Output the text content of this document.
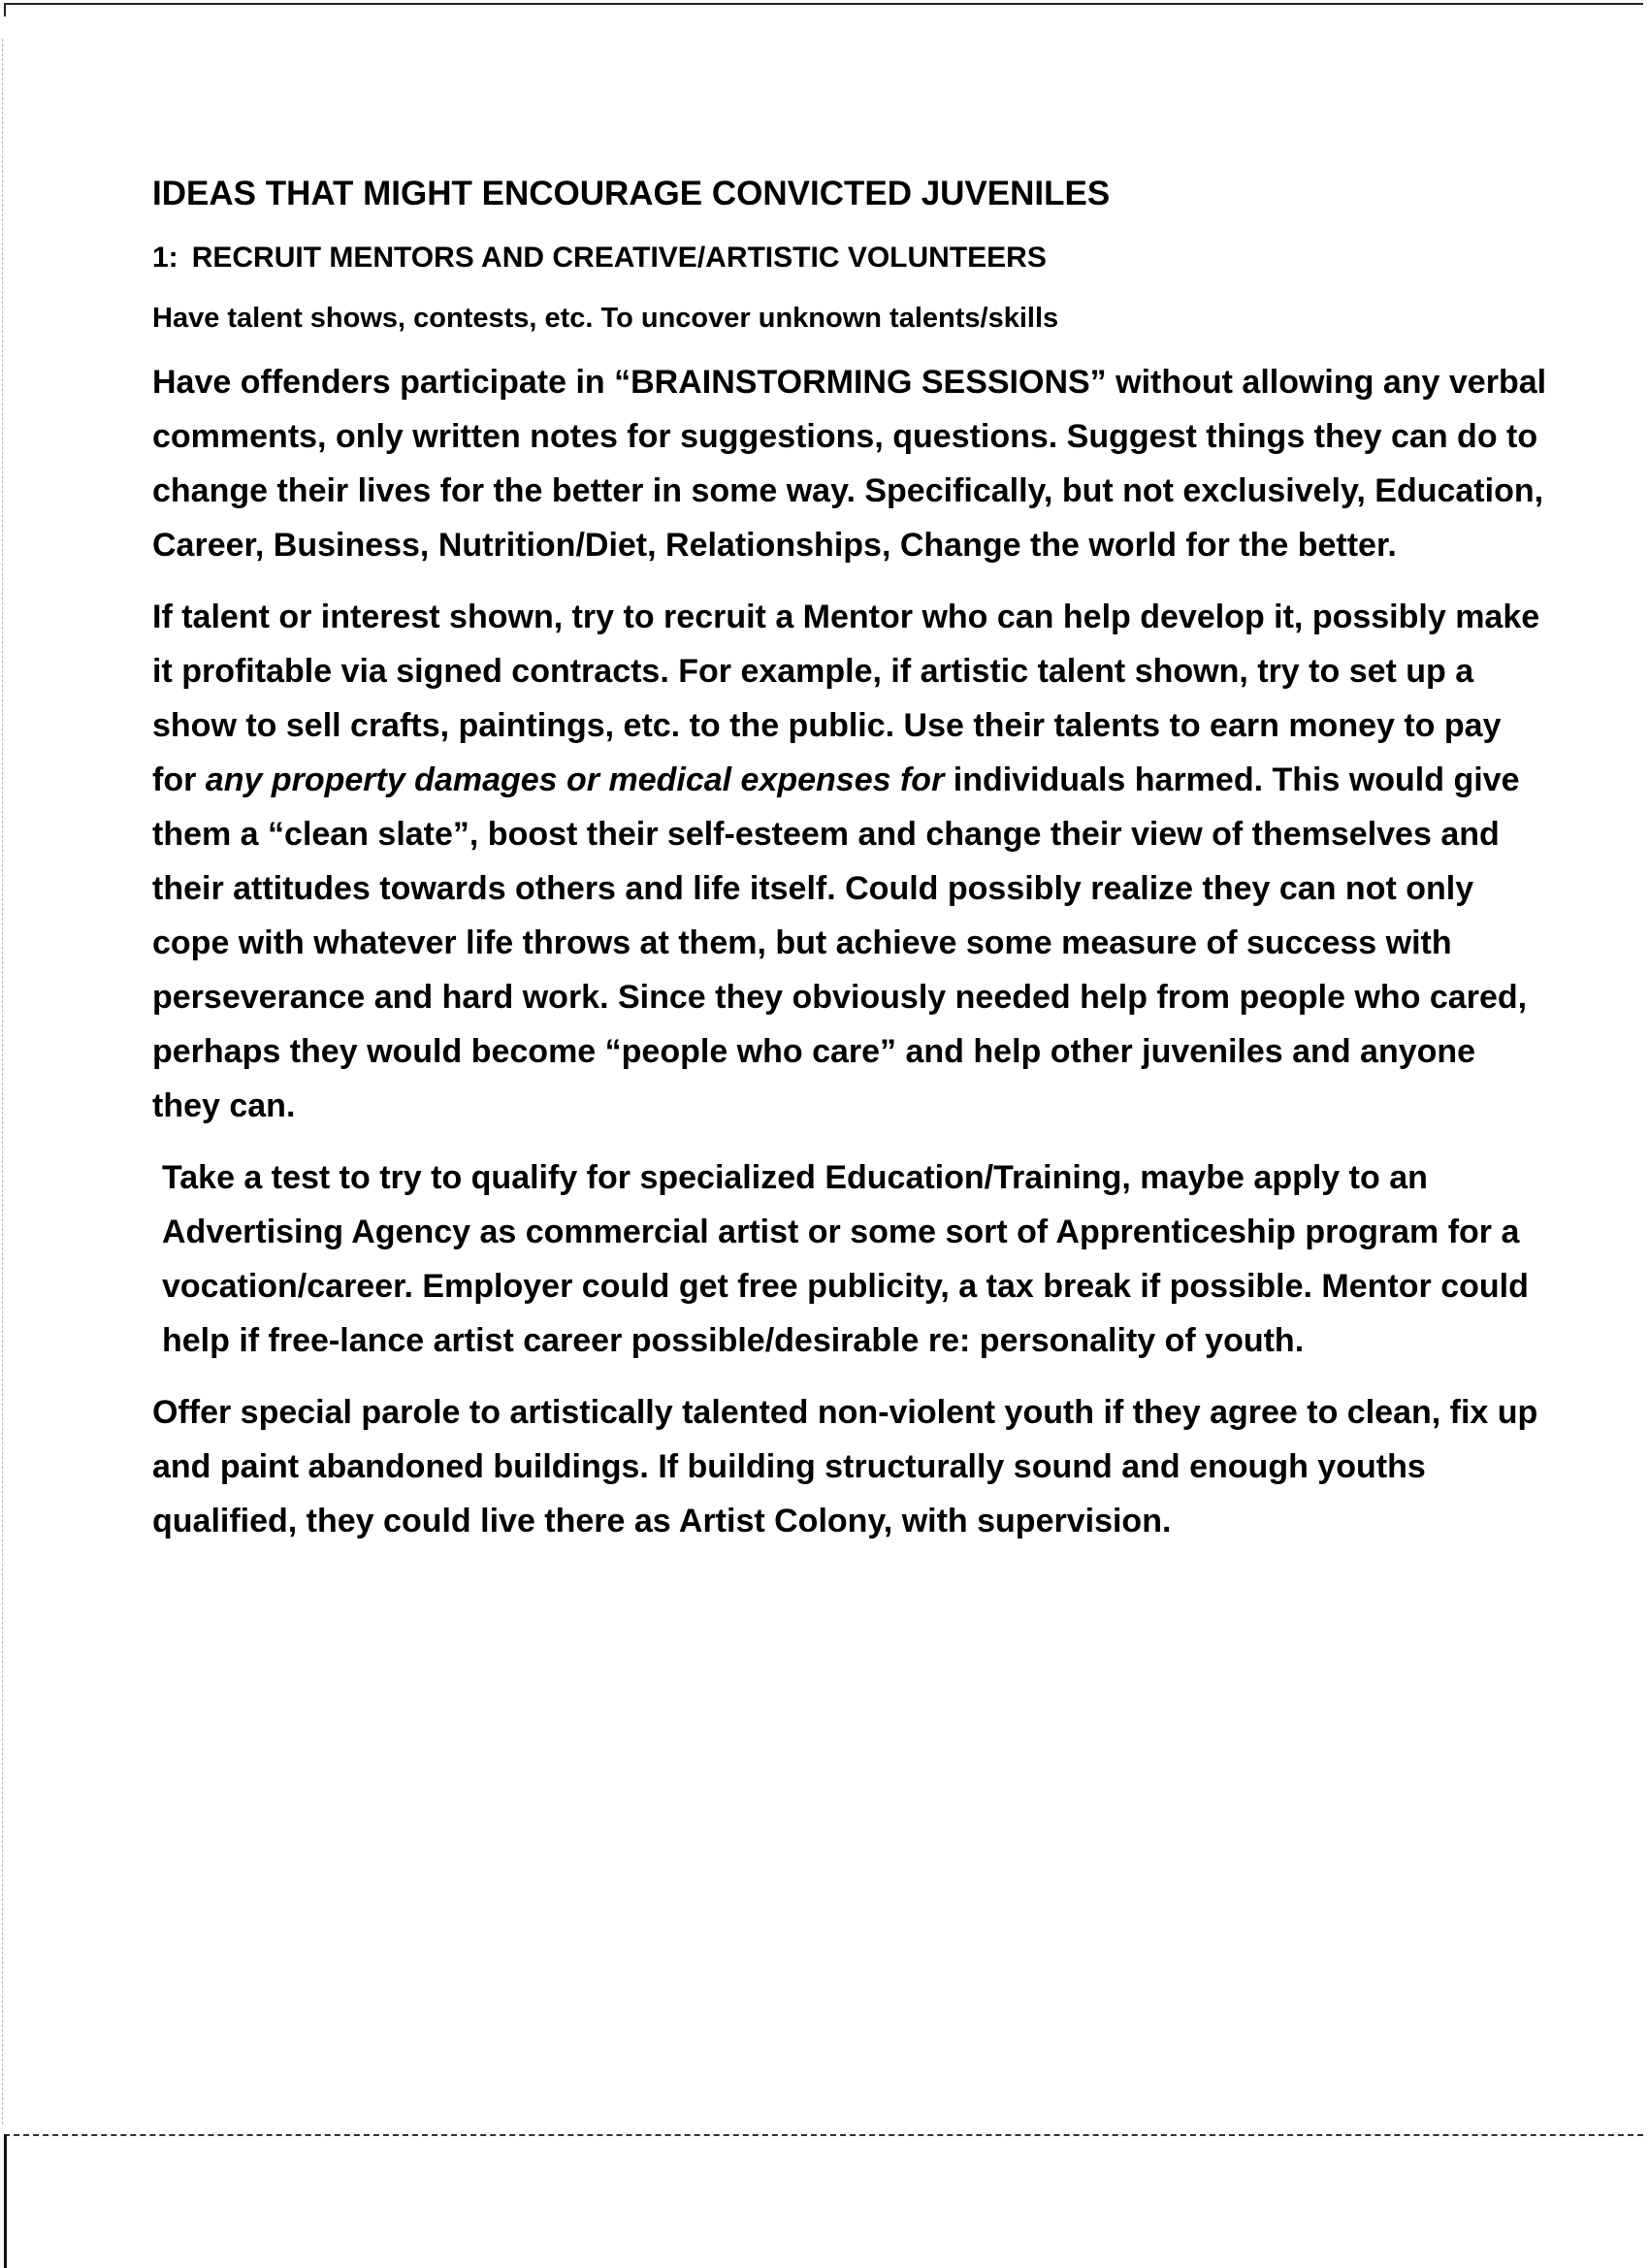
IDEAS THAT MIGHT ENCOURAGE CONVICTED JUVENILES
1: RECRUIT MENTORS AND CREATIVE/ARTISTIC VOLUNTEERS
Have talent shows, contests, etc. To uncover unknown talents/skills
Have offenders participate in “BRAINSTORMING SESSIONS” without allowing any verbal comments, only written notes for suggestions, questions. Suggest things they can do to change their lives for the better in some way. Specifically, but not exclusively, Education, Career, Business, Nutrition/Diet, Relationships, Change the world for the better.
If talent or interest shown, try to recruit a Mentor who can help develop it, possibly make it profitable via signed contracts. For example, if artistic talent shown, try to set up a show to sell crafts, paintings, etc. to the public. Use their talents to earn money to pay for any property damages or medical expenses for individuals harmed. This would give them a “clean slate”, boost their self-esteem and change their view of themselves and their attitudes towards others and life itself. Could possibly realize they can not only cope with whatever life throws at them, but achieve some measure of success with perseverance and hard work. Since they obviously needed help from people who cared, perhaps they would become “people who care” and help other juveniles and anyone they can.
Take a test to try to qualify for specialized Education/Training, maybe apply to an Advertising Agency as commercial artist or some sort of Apprenticeship program for a vocation/career. Employer could get free publicity, a tax break if possible. Mentor could help if free-lance artist career possible/desirable re: personality of youth.
Offer special parole to artistically talented non-violent youth if they agree to clean, fix up and paint abandoned buildings. If building structurally sound and enough youths qualified, they could live there as Artist Colony, with supervision.
